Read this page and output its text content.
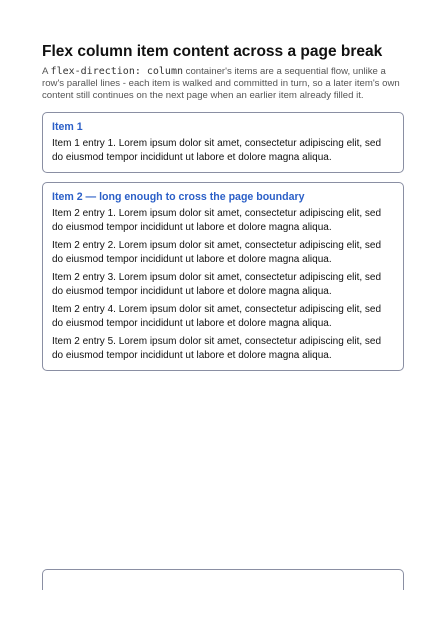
Flex column item content across a page break
A flex-direction: column container's items are a sequential flow, unlike a row's parallel lines - each item is walked and committed in turn, so a later item's own content still continues on the next page when an earlier item already filled it.
Item 1

Item 1 entry 1. Lorem ipsum dolor sit amet, consectetur adipiscing elit, sed do eiusmod tempor incididunt ut labore et dolore magna aliqua.

Item 2 — long enough to cross the page boundary

Item 2 entry 1. Lorem ipsum dolor sit amet, consectetur adipiscing elit, sed do eiusmod tempor incididunt ut labore et dolore magna aliqua.

Item 2 entry 2. Lorem ipsum dolor sit amet, consectetur adipiscing elit, sed do eiusmod tempor incididunt ut labore et dolore magna aliqua.

Item 2 entry 3. Lorem ipsum dolor sit amet, consectetur adipiscing elit, sed do eiusmod tempor incididunt ut labore et dolore magna aliqua.

Item 2 entry 4. Lorem ipsum dolor sit amet, consectetur adipiscing elit, sed do eiusmod tempor incididunt ut labore et dolore magna aliqua.

Item 2 entry 5. Lorem ipsum dolor sit amet, consectetur adipiscing elit, sed do eiusmod tempor incididunt ut labore et dolore magna aliqua.
